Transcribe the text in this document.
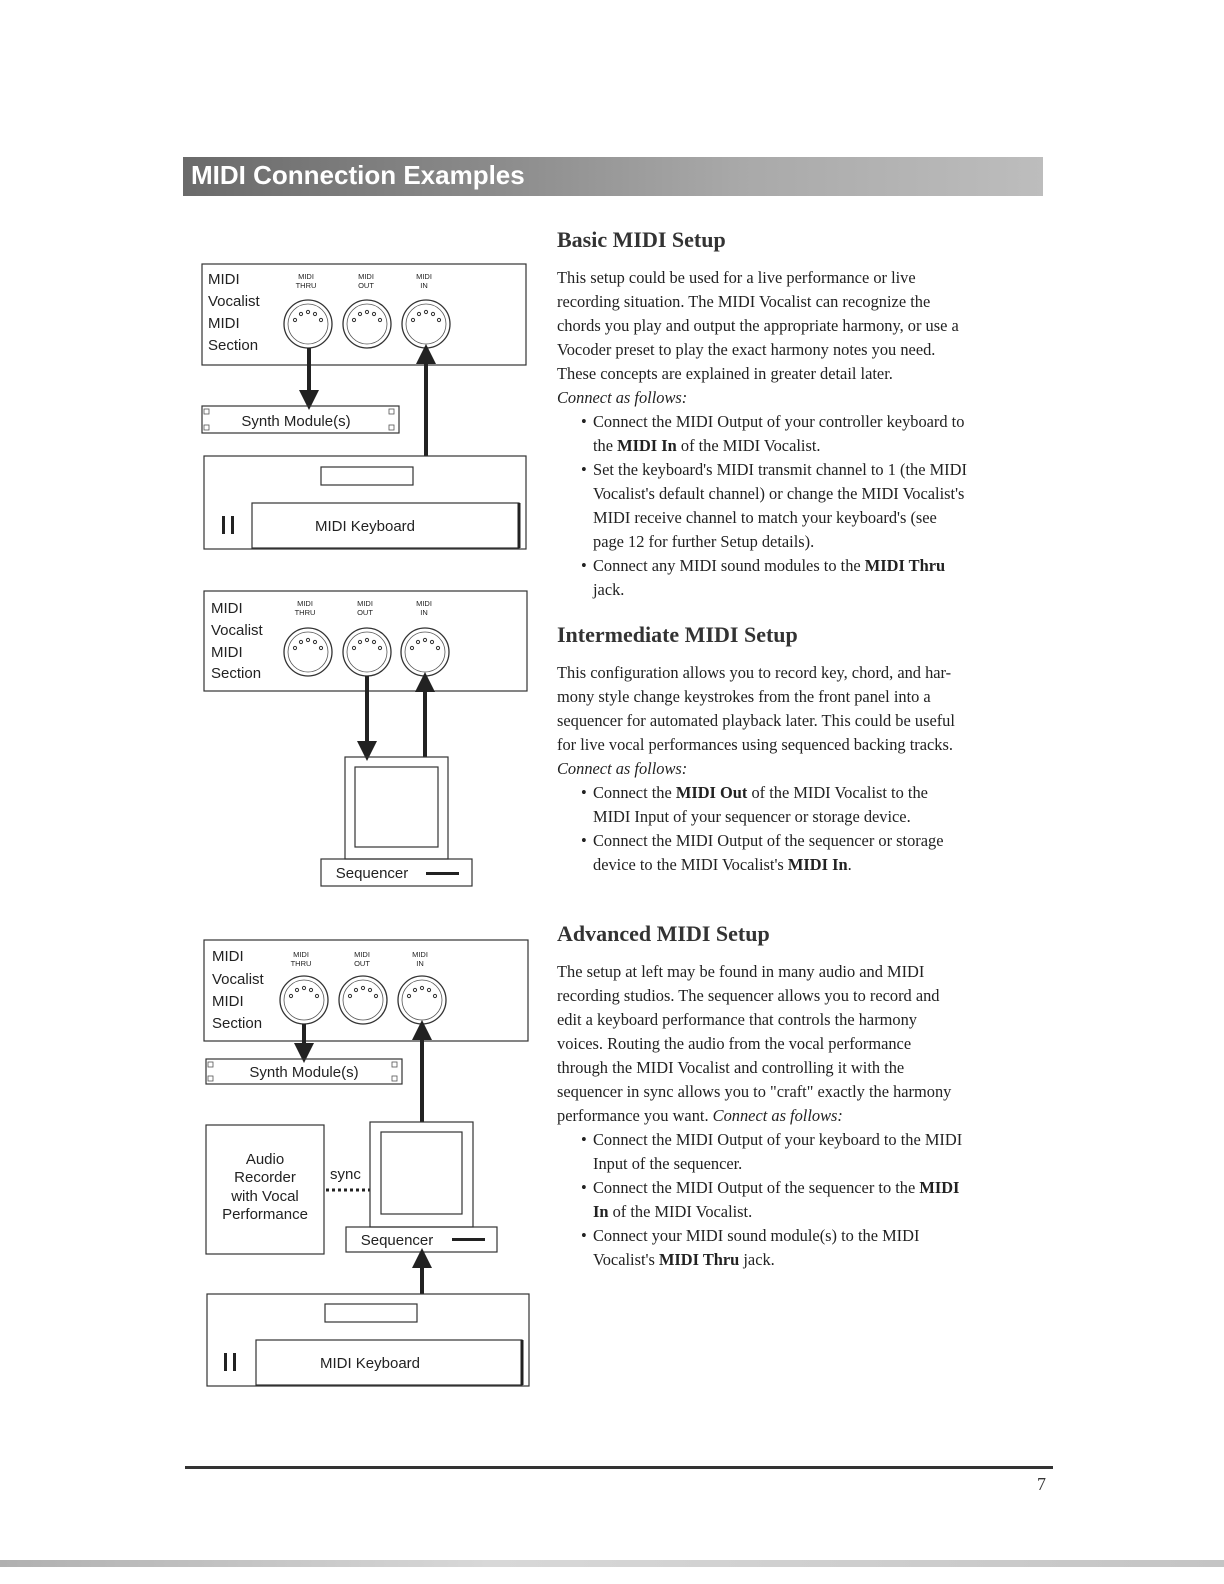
MIDI Connection Examples
MIDI
Vocalist
MIDI
Section
MIDI
THRU
MIDI
OUT
MIDI
IN
Synth Module(s)
MIDI Keyboard
MIDI
Vocalist
MIDI
Section
MIDI
THRU
MIDI
OUT
MIDI
IN
Sequencer
MIDI
Vocalist
MIDI
Section
MIDI
THRU
MIDI
OUT
MIDI
IN
Synth Module(s)
Audio
Recorder
with Vocal
Performance
sync
Sequencer
MIDI Keyboard
Basic MIDI Setup

This setup could be used for a live performance or live

recording situation. The MIDI Vocalist can recognize the

chords you play and output the appropriate harmony, or use a

Vocoder preset to play the exact harmony notes you need.

These concepts are explained in greater detail later.

Connect as follows:

• Connect the MIDI Output of your controller keyboard to
the MIDI In of the MIDI Vocalist.
• Set the keyboard's MIDI transmit channel to 1 (the MIDI
Vocalist's default channel) or change the MIDI Vocalist's
MIDI receive channel to match your keyboard's (see
page 12 for further Setup details).
• Connect any MIDI sound modules to the MIDI Thru
jack.
Intermediate MIDI Setup

This configuration allows you to record key, chord, and har-

mony style change keystrokes from the front panel into a

sequencer for automated playback later. This could be useful

for live vocal performances using sequenced backing tracks.

Connect as follows:

• Connect the MIDI Out of the MIDI Vocalist to the
MIDI Input of your sequencer or storage device.
• Connect the MIDI Output of the sequencer or storage
device to the MIDI Vocalist's MIDI In.
Advanced MIDI Setup

The setup at left may be found in many audio and MIDI

recording studios. The sequencer allows you to record and

edit a keyboard performance that controls the harmony

voices. Routing the audio from the vocal performance

through the MIDI Vocalist and controlling it with the

sequencer in sync allows you to "craft" exactly the harmony

performance you want. Connect as follows:

• Connect the MIDI Output of your keyboard to the MIDI
Input of the sequencer.
• Connect the MIDI Output of the sequencer to the MIDI
In of the MIDI Vocalist.
• Connect your MIDI sound module(s) to the MIDI
Vocalist's MIDI Thru jack.
7
